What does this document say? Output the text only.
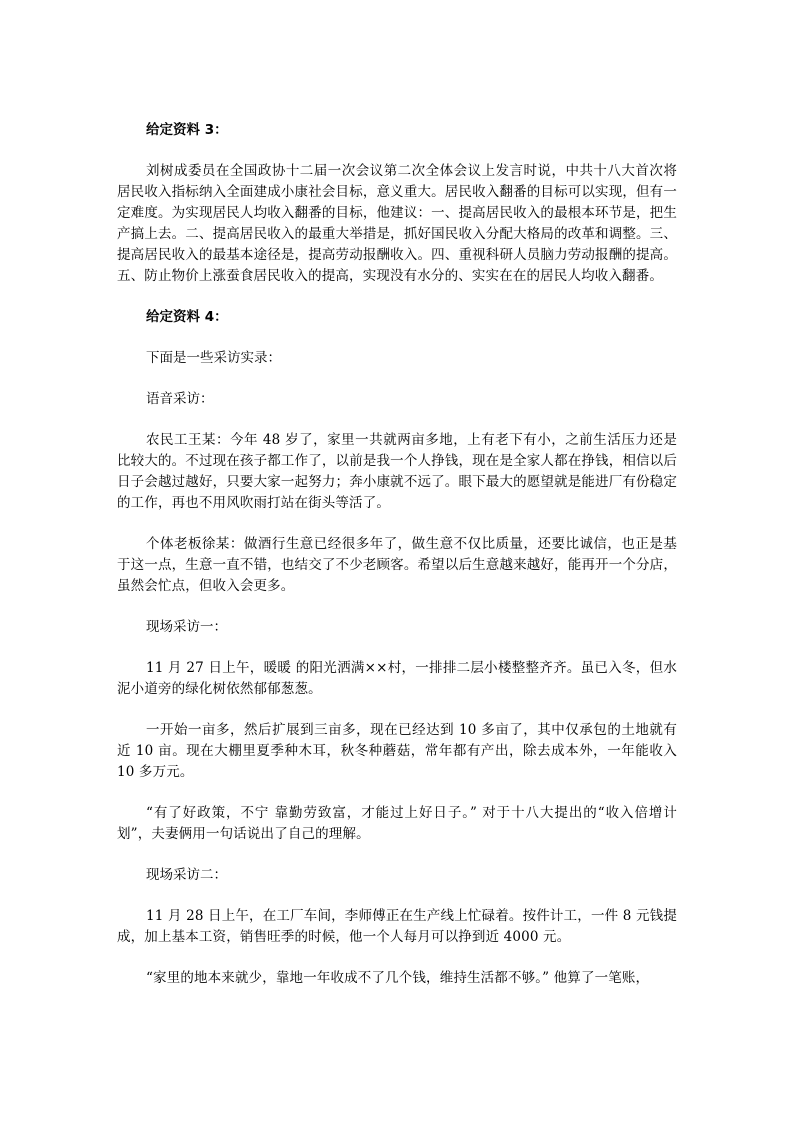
给定资料 3：

刘树成委员在全国政协十二届一次会议第二次全体会议上发言时说，中共十八大首次将居民收入指标纳入全面建成小康社会目标，意义重大。居民收入翻番的目标可以实现，但有一定难度。为实现居民人均收入翻番的目标，他建议：一、提高居民收入的最根本环节是，把生产搞上去。二、提高居民收入的最重大举措是，抓好国民收入分配大格局的改革和调整。三、提高居民收入的最基本途径是，提高劳动报酬收入。四、重视科研人员脑力劳动报酬的提高。五、防止物价上涨蚕食居民收入的提高，实现没有水分的、实实在在的居民人均收入翻番。

给定资料 4：

下面是一些采访实录：

语音采访：

农民工王某：今年 48 岁了，家里一共就两亩多地，上有老下有小，之前生活压力还是比较大的。不过现在孩子都工作了，以前是我一个人挣钱，现在是全家人都在挣钱，相信以后日子会越过越好，只要大家一起努力；奔小康就不远了。眼下最大的愿望就是能进厂有份稳定的工作，再也不用风吹雨打站在街头等活了。

个体老板徐某：做酒行生意已经很多年了，做生意不仅比质量，还要比诚信，也正是基于这一点，生意一直不错，也结交了不少老顾客。希望以后生意越来越好，能再开一个分店，虽然会忙点，但收入会更多。

现场采访一：

11 月 27 日上午，暖暖 的阳光洒满××村，一排排二层小楼整整齐齐。虽已入冬，但水泥小道旁的绿化树依然郁郁葱葱。

一开始一亩多，然后扩展到三亩多，现在已经达到 10 多亩了，其中仅承包的土地就有近 10 亩。现在大棚里夏季种木耳，秋冬种蘑菇，常年都有产出，除去成本外，一年能收入 10 多万元。

“有了好政策，不宁 靠勤劳致富，才能过上好日子。” 对于十八大提出的“收入倍增计划”，夫妻俩用一句话说出了自己的理解。

现场采访二：

11 月 28 日上午，在工厂车间，李师傅正在生产线上忙碌着。按件计工，一件 8 元钱提成，加上基本工资，销售旺季的时候，他一个人每月可以挣到近 4000 元。

“家里的地本来就少，靠地一年收成不了几个钱，维持生活都不够。” 他算了一笔账，
